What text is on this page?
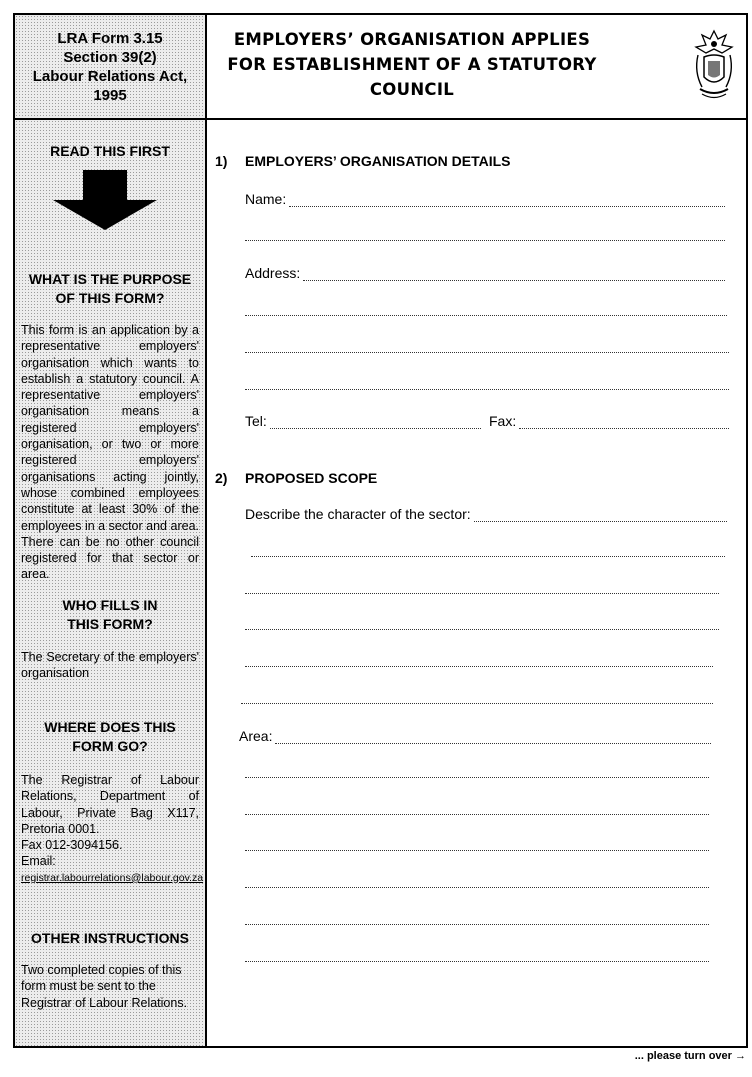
LRA Form 3.15
Section 39(2)
Labour Relations Act,
1995
EMPLOYERS’ ORGANISATION APPLIES
FOR ESTABLISHMENT OF A STATUTORY
COUNCIL
READ THIS FIRST
WHAT IS THE PURPOSE
OF THIS FORM?
This form is an application by a representative employers' organisation which wants to establish a statutory council. A representative employers' organisation means a registered employers' organisation, or two or more registered employers' organisations acting jointly, whose combined employees constitute at least 30% of the employees in a sector and area. There can be no other council registered for that sector or area.
WHO FILLS IN
THIS FORM?
The Secretary of the employers' organisation
WHERE DOES THIS
FORM GO?
The Registrar of Labour Relations, Department of Labour, Private Bag X117, Pretoria 0001.
Fax 012-3094156.
Email:
registrar.labourrelations@labour.gov.za
OTHER INSTRUCTIONS
Two completed copies of this
form must be sent to the
Registrar of Labour Relations.
1) EMPLOYERS’ ORGANISATION DETAILS
Name:
Address:
Tel:	Fax:
2) PROPOSED SCOPE
Describe the character of the sector:
Area:
... please turn over →
